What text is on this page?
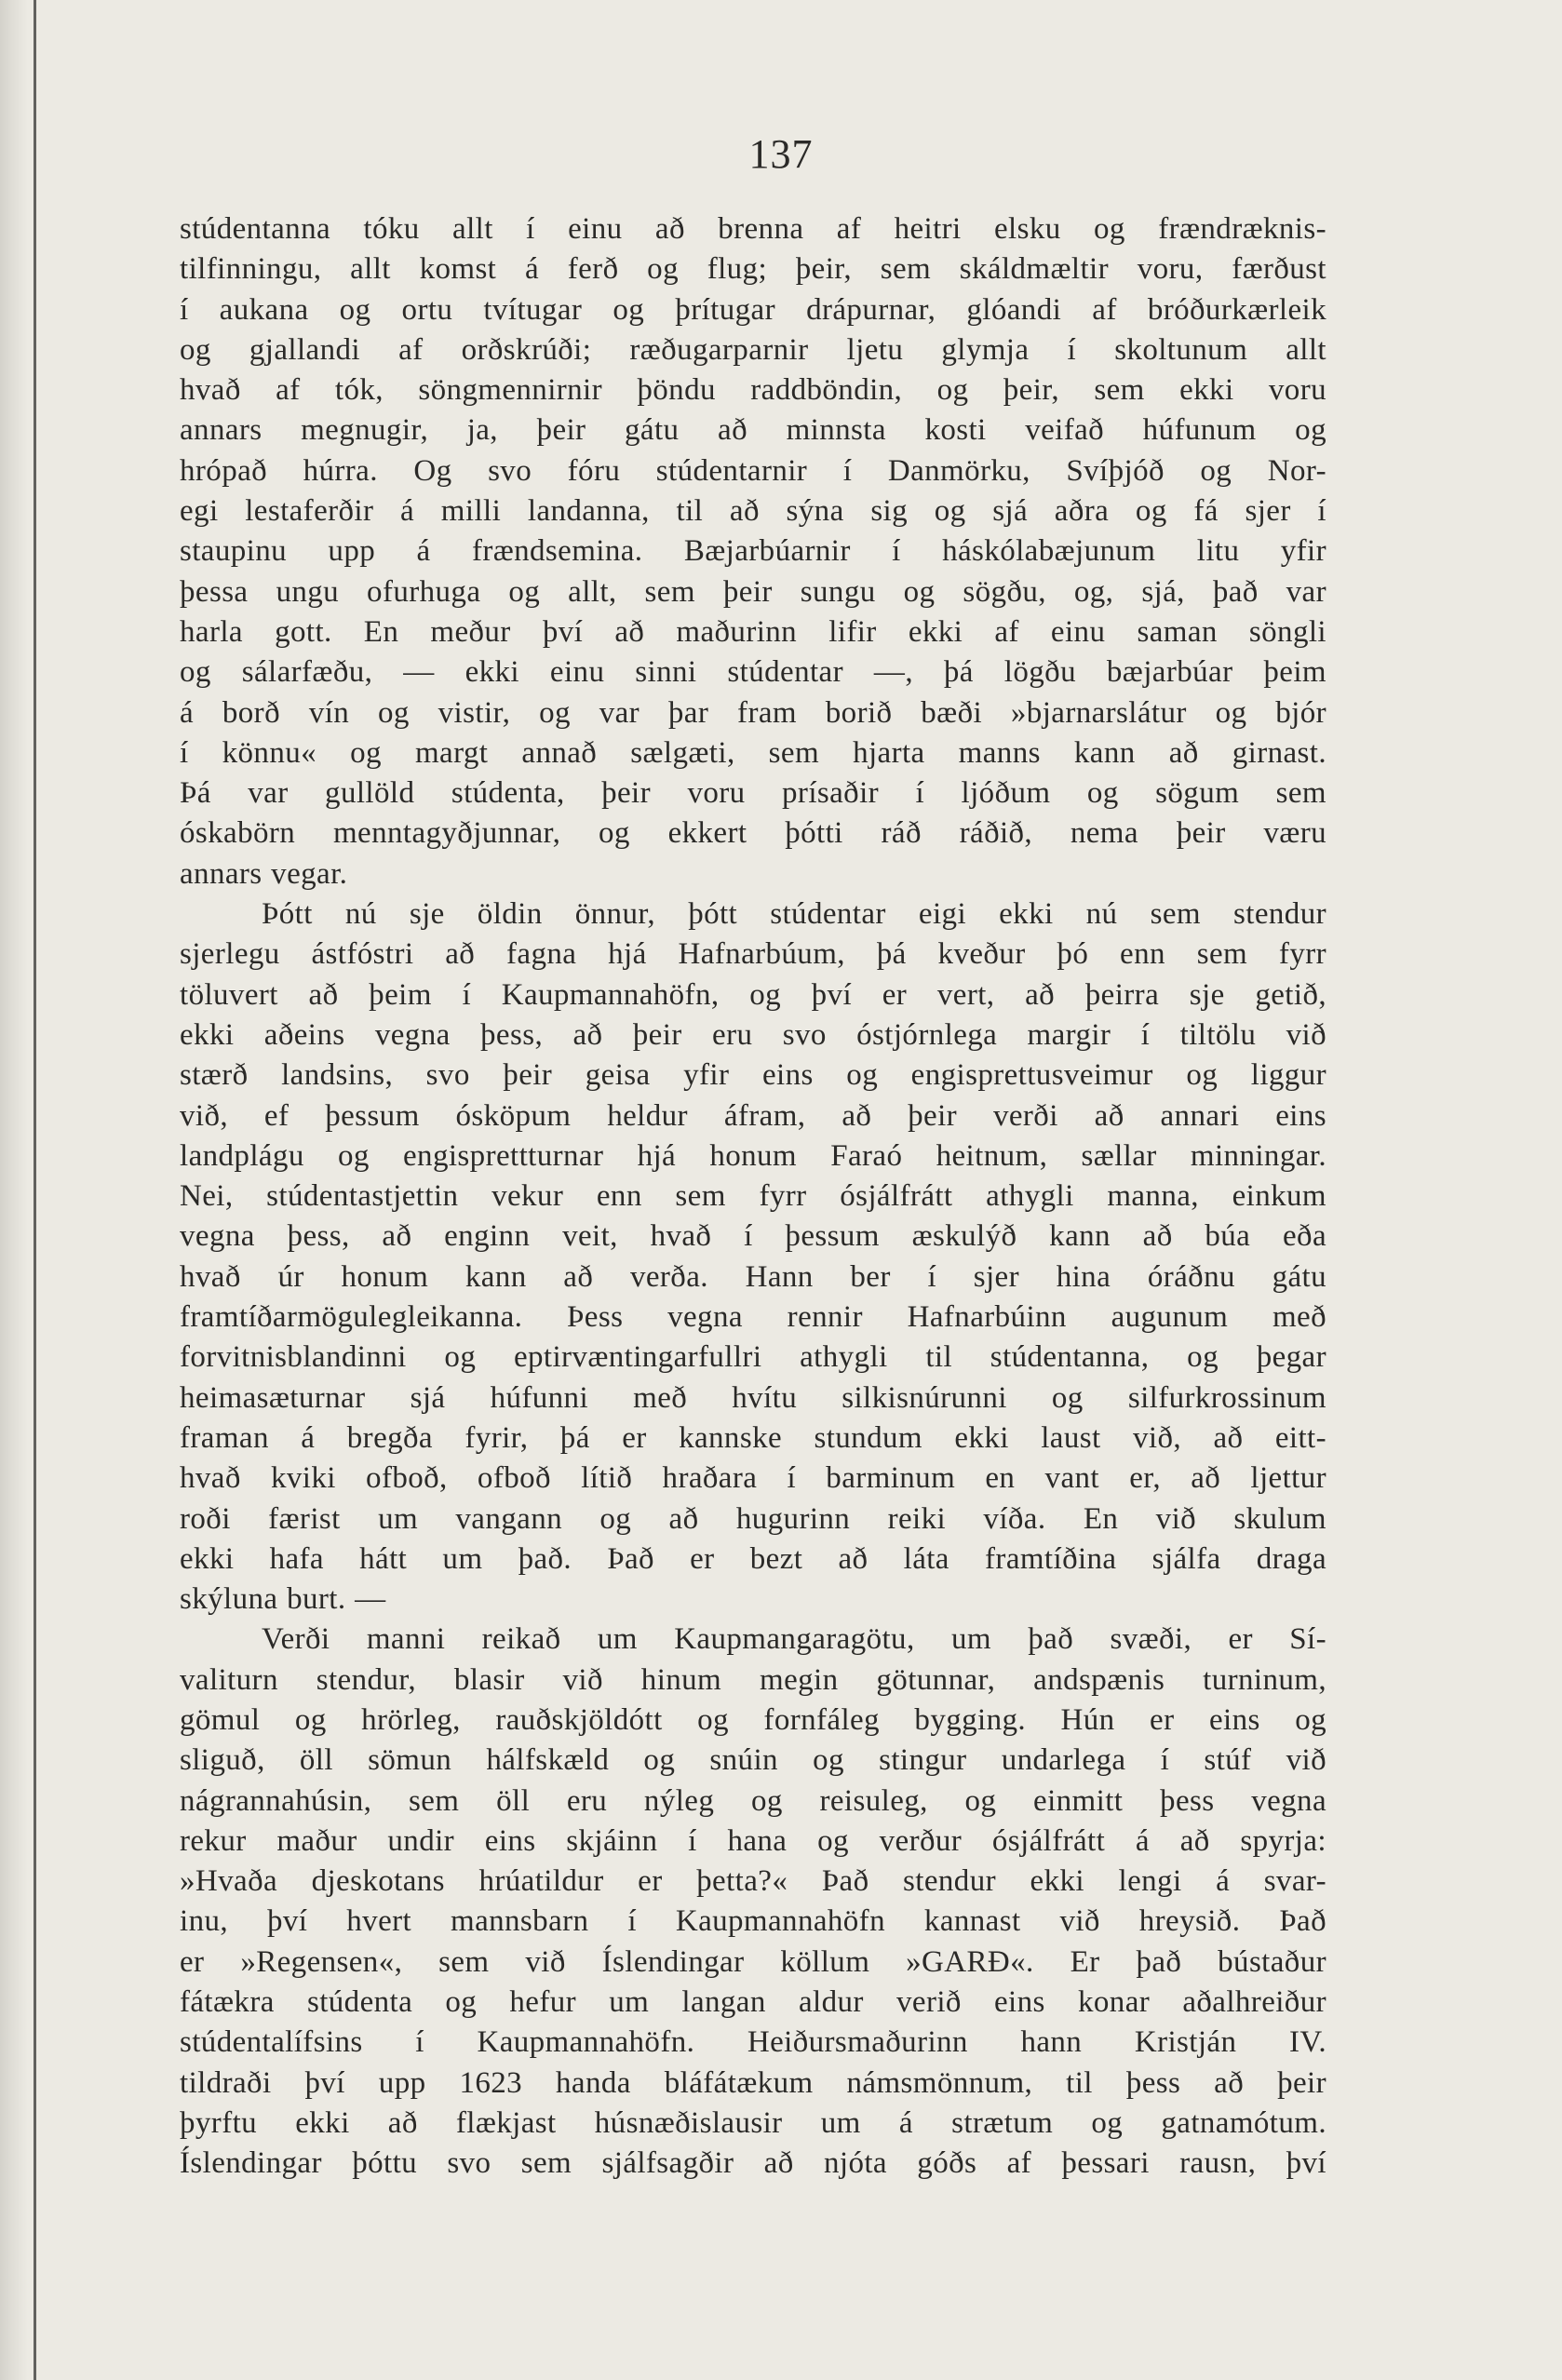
137
stúdentanna tóku allt í einu að brenna af heitri elsku og frændræknis-
tilfinningu, allt komst á ferð og flug; þeir, sem skáldmæltir voru, færðust
í aukana og ortu tvítugar og þrítugar drápurnar, glóandi af bróðurkærleik
og gjallandi af orðskrúði; ræðugarparnir ljetu glymja í skoltunum allt
hvað af tók, söngmennirnir þöndu raddböndin, og þeir, sem ekki voru
annars megnugir, ja, þeir gátu að minnsta kosti veifað húfunum og
hrópað húrra. Og svo fóru stúdentarnir í Danmörku, Svíþjóð og Nor-
egi lestaferðir á milli landanna, til að sýna sig og sjá aðra og fá sjer í
staupinu upp á frændsemina. Bæjarbúarnir í háskólabæjunum litu yfir
þessa ungu ofurhuga og allt, sem þeir sungu og sögðu, og, sjá, það var
harla gott. En meður því að maðurinn lifir ekki af einu saman söngli
og sálarfæðu, — ekki einu sinni stúdentar —, þá lögðu bæjarbúar þeim
á borð vín og vistir, og var þar fram borið bæði »bjarnarslátur og bjór
í könnu« og margt annað sælgæti, sem hjarta manns kann að girnast.
Þá var gullöld stúdenta, þeir voru prísaðir í ljóðum og sögum sem
óskabörn menntagyðjunnar, og ekkert þótti ráð ráðið, nema þeir væru
annars vegar.
Þótt nú sje öldin önnur, þótt stúdentar eigi ekki nú sem stendur
sjerlegu ástfóstri að fagna hjá Hafnarbúum, þá kveður þó enn sem fyrr
töluvert að þeim í Kaupmannahöfn, og því er vert, að þeirra sje getið,
ekki aðeins vegna þess, að þeir eru svo óstjórnlega margir í tiltölu við
stærð landsins, svo þeir geisa yfir eins og engisprettusveimur og liggur
við, ef þessum ósköpum heldur áfram, að þeir verði að annari eins
landplágu og engisprettturnar hjá honum Faraó heitnum, sællar minningar.
Nei, stúdentastjettin vekur enn sem fyrr ósjálfrátt athygli manna, einkum
vegna þess, að enginn veit, hvað í þessum æskulýð kann að búa eða
hvað úr honum kann að verða. Hann ber í sjer hina óráðnu gátu
framtíðarmögulegleikanna. Þess vegna rennir Hafnarbúinn augunum með
forvitnisblandinni og eptirvæntingarfullri athygli til stúdentanna, og þegar
heimasæturnar sjá húfunni með hvítu silkisnúrunni og silfurkrossinum
framan á bregða fyrir, þá er kannske stundum ekki laust við, að eitt-
hvað kviki ofboð, ofboð lítið hraðara í barminum en vant er, að ljettur
roði færist um vangann og að hugurinn reiki víða. En við skulum
ekki hafa hátt um það. Það er bezt að láta framtíðina sjálfa draga
skýluna burt. —
Verði manni reikað um Kaupmangaragötu, um það svæði, er Sí-
valiturn stendur, blasir við hinum megin götunnar, andspænis turninum,
gömul og hrörleg, rauðskjöldótt og fornfáleg bygging. Hún er eins og
sliguð, öll sömun hálfskæld og snúin og stingur undarlega í stúf við
nágrannahúsin, sem öll eru nýleg og reisuleg, og einmitt þess vegna
rekur maður undir eins skjáinn í hana og verður ósjálfrátt á að spyrja:
»Hvaða djeskotans hrúatildur er þetta?« Það stendur ekki lengi á svar-
inu, því hvert mannsbarn í Kaupmannahöfn kannast við hreysið. Það
er »Regensen«, sem við Íslendingar köllum »GARÐ«. Er það bústaður
fátækra stúdenta og hefur um langan aldur verið eins konar aðalhreiður
stúdentalífsins í Kaupmannahöfn. Heiðursmaðurinn hann Kristján IV.
tildraði því upp 1623 handa bláfátækum námsmönnum, til þess að þeir
þyrftu ekki að flækjast húsnæðislausir um á strætum og gatnamótum.
Íslendingar þóttu svo sem sjálfsagðir að njóta góðs af þessari rausn, því
